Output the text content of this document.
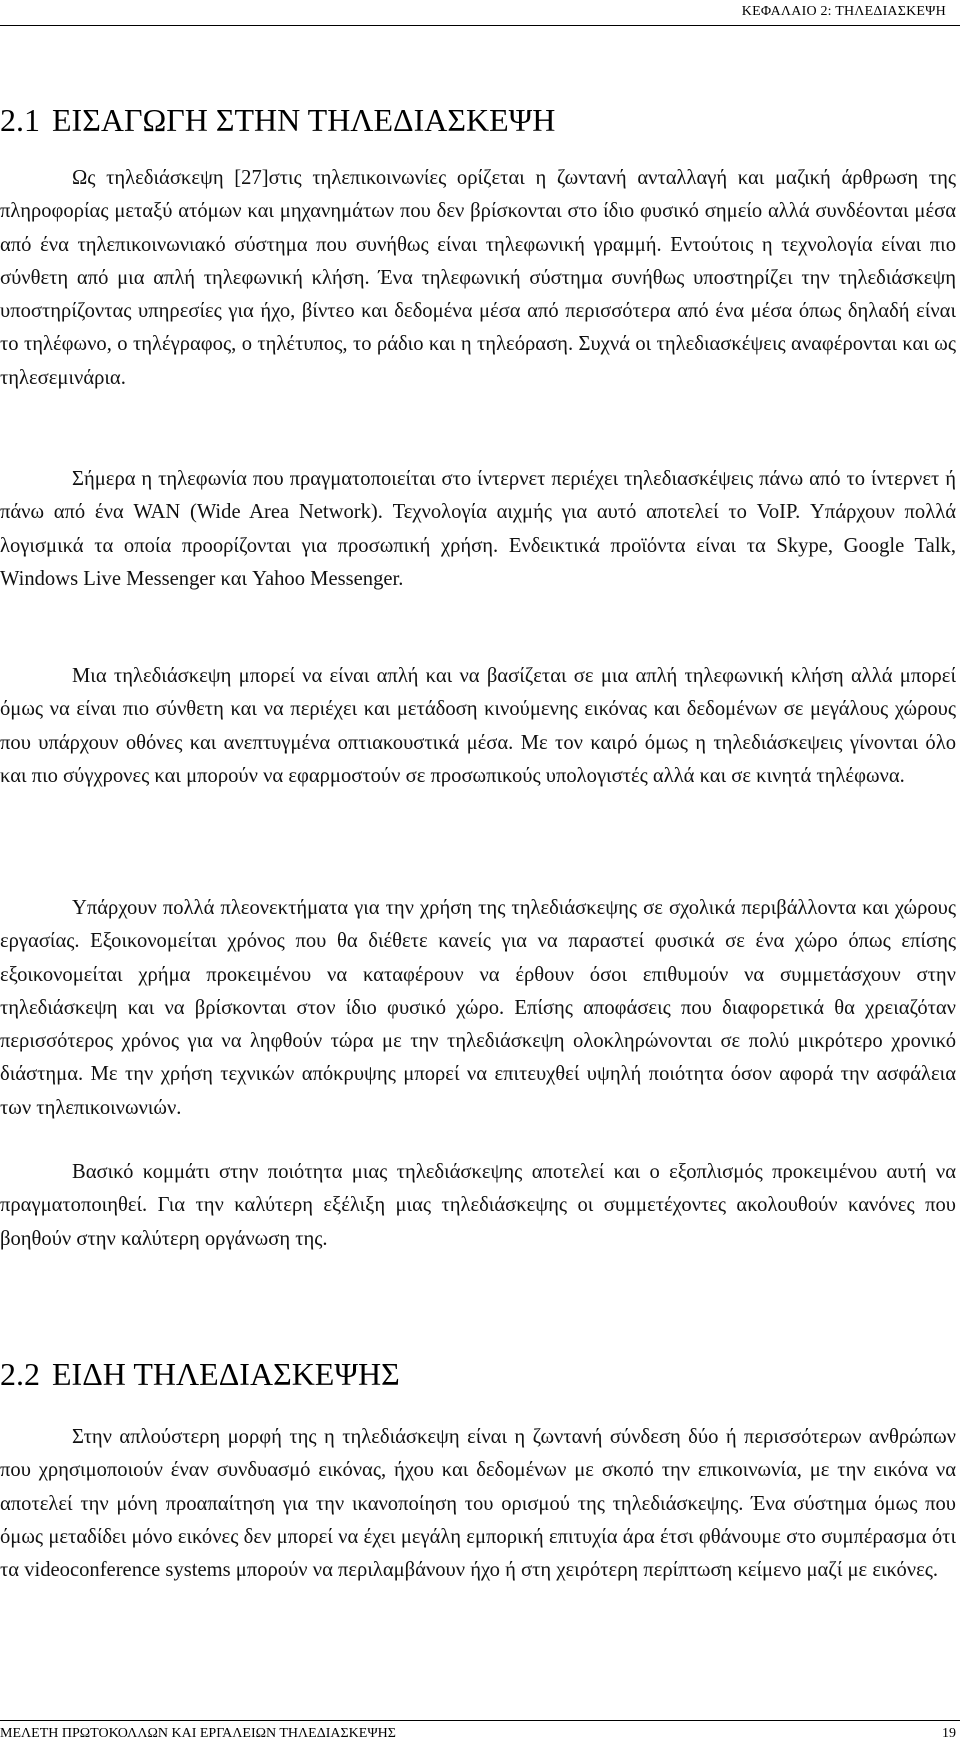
ΚΕΦΑΛΑΙΟ 2: ΤΗΛΕΔΙΑΣΚΕΨΗ
2.1 ΕΙΣΑΓΩΓΗ ΣΤΗΝ ΤΗΛΕΔΙΑΣΚΕΨΗ

Ως τηλεδιάσκεψη [27]στις τηλεπικοινωνίες ορίζεται η ζωντανή ανταλλαγή και μαζική άρθρωση της πληροφορίας μεταξύ ατόμων και μηχανημάτων που δεν βρίσκονται στο ίδιο φυσικό σημείο αλλά συνδέονται μέσα από ένα τηλεπικοινωνιακό σύστημα που συνήθως είναι τηλεφωνική γραμμή. Εντούτοις η τεχνολογία είναι πιο σύνθετη από μια απλή τηλεφωνική κλήση. Ένα τηλεφωνική σύστημα συνήθως υποστηρίζει την τηλεδιάσκεψη υποστηρίζοντας υπηρεσίες για ήχο, βίντεο και δεδομένα μέσα από περισσότερα από ένα μέσα όπως δηλαδή είναι το τηλέφωνο, ο τηλέγραφος, ο τηλέτυπος, το ράδιο και η τηλεόραση. Συχνά οι τηλεδιασκέψεις αναφέρονται και ως τηλεσεμινάρια.

Σήμερα η τηλεφωνία που πραγματοποιείται στο ίντερνετ περιέχει τηλεδιασκέψεις πάνω από το ίντερνετ ή πάνω από ένα WAN (Wide Area Network). Τεχνολογία αιχμής για αυτό αποτελεί το VoIP. Υπάρχουν πολλά λογισμικά τα οποία προορίζονται για προσωπική χρήση. Ενδεικτικά προϊόντα είναι τα Skype, Google Talk, Windows Live Messenger και Yahoo Messenger.

Μια τηλεδιάσκεψη μπορεί να είναι απλή και να βασίζεται σε μια απλή τηλεφωνική κλήση αλλά μπορεί όμως να είναι πιο σύνθετη και να περιέχει και μετάδοση κινούμενης εικόνας και δεδομένων σε μεγάλους χώρους που υπάρχουν οθόνες και ανεπτυγμένα οπτιακουστικά μέσα. Με τον καιρό όμως η τηλεδιάσκεψεις γίνονται όλο και πιο σύγχρονες και μπορούν να εφαρμοστούν σε προσωπικούς υπολογιστές αλλά και σε κινητά τηλέφωνα.

Υπάρχουν πολλά πλεονεκτήματα για την χρήση της τηλεδιάσκεψης σε σχολικά περιβάλλοντα και χώρους εργασίας. Εξοικονομείται χρόνος που θα διέθετε κανείς για να παραστεί φυσικά σε ένα χώρο όπως επίσης εξοικονομείται χρήμα προκειμένου να καταφέρουν να έρθουν όσοι επιθυμούν να συμμετάσχουν στην τηλεδιάσκεψη και να βρίσκονται στον ίδιο φυσικό χώρο. Επίσης αποφάσεις που διαφορετικά θα χρειαζόταν περισσότερος χρόνος για να ληφθούν τώρα με την τηλεδιάσκεψη ολοκληρώνονται σε πολύ μικρότερο χρονικό διάστημα. Με την χρήση τεχνικών απόκρυψης μπορεί να επιτευχθεί υψηλή ποιότητα όσον αφορά την ασφάλεια των τηλεπικοινωνιών.

Βασικό κομμάτι στην ποιότητα μιας τηλεδιάσκεψης αποτελεί και ο εξοπλισμός προκειμένου αυτή να πραγματοποιηθεί. Για την καλύτερη εξέλιξη μιας τηλεδιάσκεψης οι συμμετέχοντες ακολουθούν κανόνες που βοηθούν στην καλύτερη οργάνωση της.

2.2 ΕΙΔΗ ΤΗΛΕΔΙΑΣΚΕΨΗΣ

Στην απλούστερη μορφή της η τηλεδιάσκεψη είναι η ζωντανή σύνδεση δύο ή περισσότερων ανθρώπων που χρησιμοποιούν έναν συνδυασμό εικόνας, ήχου και δεδομένων με σκοπό την επικοινωνία, με την εικόνα να αποτελεί την μόνη προαπαίτηση για την ικανοποίηση του ορισμού της τηλεδιάσκεψης. Ένα σύστημα όμως που όμως μεταδίδει μόνο εικόνες δεν μπορεί να έχει μεγάλη εμπορική επιτυχία άρα έτσι φθάνουμε στο συμπέρασμα ότι τα videoconference systems μπορούν να περιλαμβάνουν ήχο ή στη χειρότερη περίπτωση κείμενο μαζί με εικόνες.

ΜΕΛΕΤΗ ΠΡΩΤΟΚΟΛΛΩΝ ΚΑΙ ΕΡΓΑΛΕΙΩΝ ΤΗΛΕΔΙΑΣΚΕΨΗΣ	19
